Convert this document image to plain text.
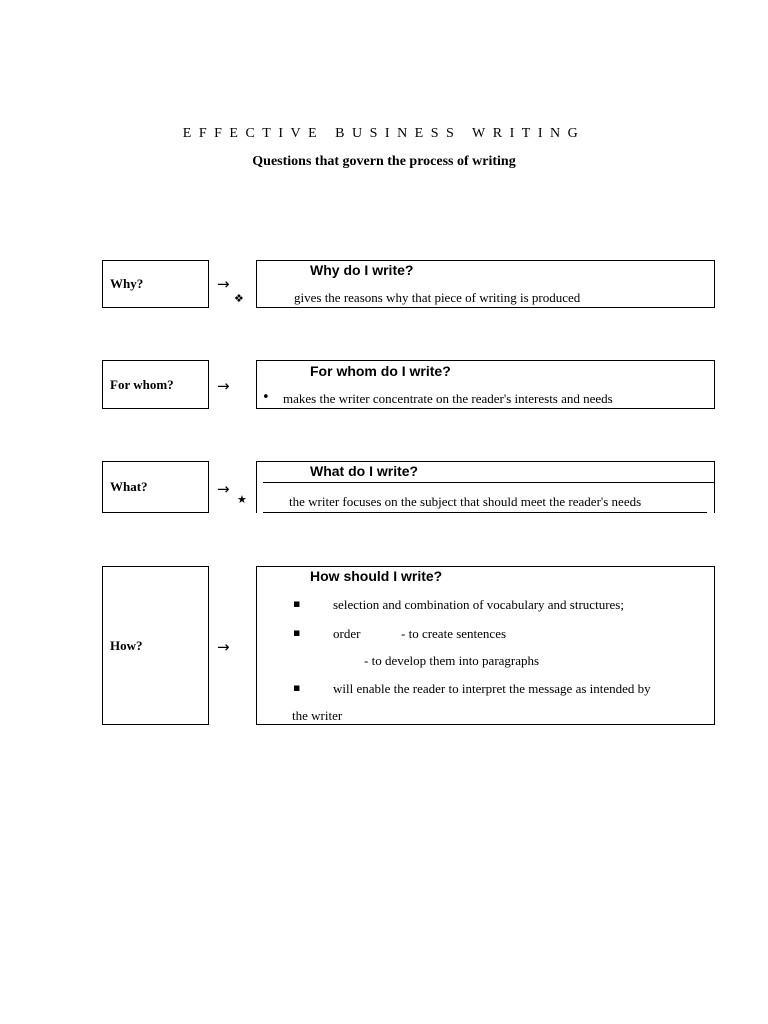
EFFECTIVE BUSINESS WRITING
Questions that govern the process of writing
Why?	→
❖
Why do I write?
gives the reasons why that piece of writing is produced
For whom?	→
For whom do I write?
• makes the writer concentrate on the reader's interests and needs
What?	→
★
What do I write?
the writer focuses on the subject that should meet the reader's needs
How?	→
How should I write?
▪	selection and combination of vocabulary and structures;
▪	order	- to create sentences
- to develop them into paragraphs
▪	will enable the reader to interpret the message as intended by
the writer
